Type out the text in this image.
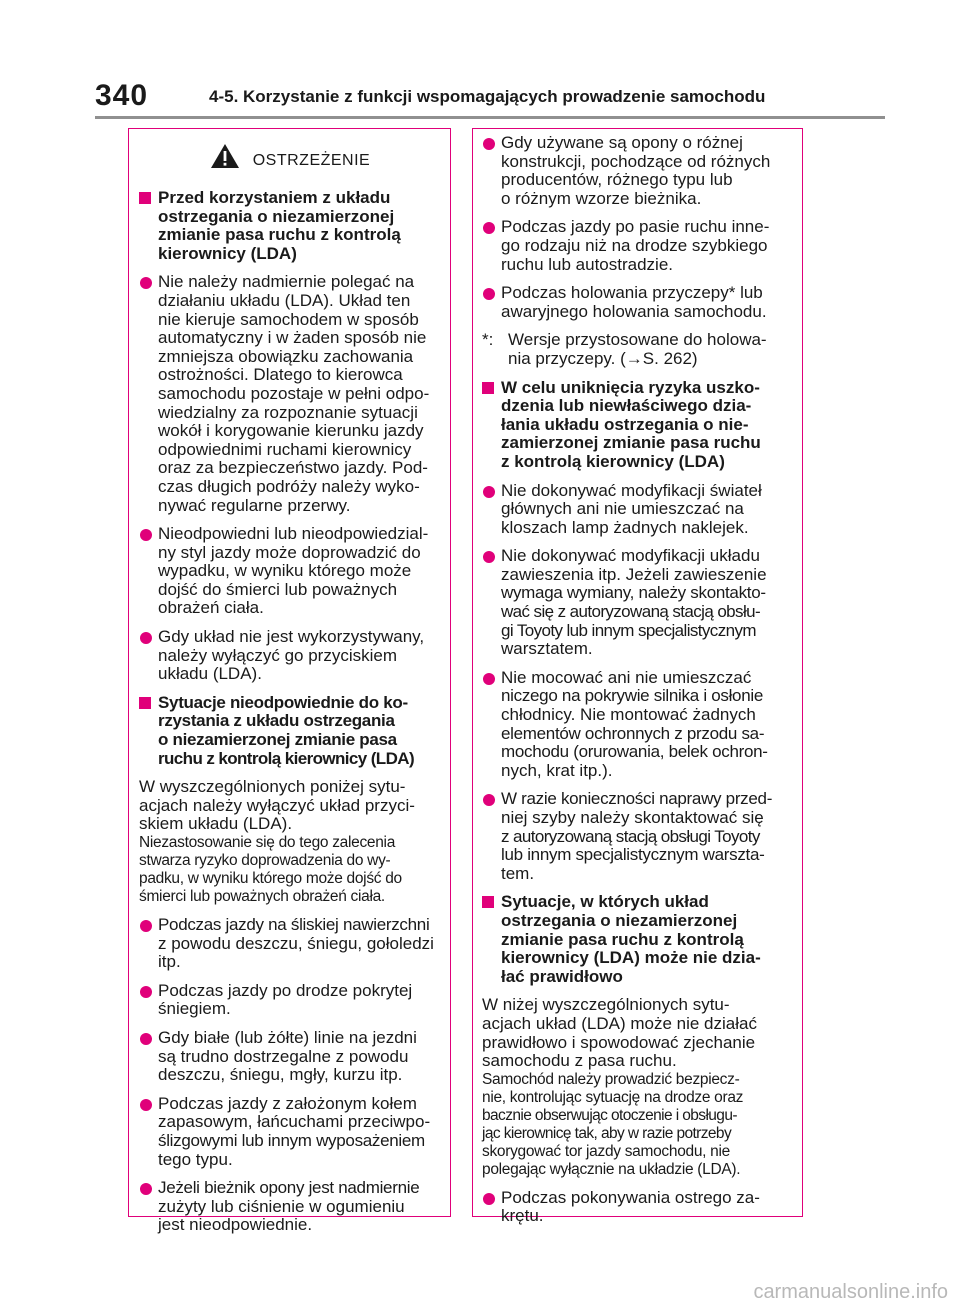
340	4-5. Korzystanie z funkcji wspomagających prowadzenie samochodu
OSTRZEŻENIE
Przed korzystaniem z układu
ostrzegania o niezamierzonej
zmianie pasa ruchu z kontrolą
kierownicy (LDA)
Nie należy nadmiernie polegać na
działaniu układu (LDA). Układ ten
nie kieruje samochodem w sposób
automatyczny i w żaden sposób nie
zmniejsza obowiązku zachowania
ostrożności. Dlatego to kierowca
samochodu pozostaje w pełni odpo-
wiedzialny za rozpoznanie sytuacji
wokół i korygowanie kierunku jazdy
odpowiednimi ruchami kierownicy
oraz za bezpieczeństwo jazdy. Pod-
czas długich podróży należy wyko-
nywać regularne przerwy.
Nieodpowiedni lub nieodpowiedzial-
ny styl jazdy może doprowadzić do
wypadku, w wyniku którego może
dojść do śmierci lub poważnych
obrażeń ciała.
Gdy układ nie jest wykorzystywany,
należy wyłączyć go przyciskiem
układu (LDA).
Sytuacje nieodpowiednie do ko-
rzystania z układu ostrzegania
o niezamierzonej zmianie pasa
ruchu z kontrolą kierownicy (LDA)
W wyszczególnionych poniżej sytu-
acjach należy wyłączyć układ przyci-
skiem układu (LDA).
Niezastosowanie się do tego zalecenia
stwarza ryzyko doprowadzenia do wy-
padku, w wyniku którego może dojść do
śmierci lub poważnych obrażeń ciała.
Podczas jazdy na śliskiej nawierzchni
z powodu deszczu, śniegu, gołoledzi
itp.
Podczas jazdy po drodze pokrytej
śniegiem.
Gdy białe (lub żółte) linie na jezdni
są trudno dostrzegalne z powodu
deszczu, śniegu, mgły, kurzu itp.
Podczas jazdy z założonym kołem
zapasowym, łańcuchami przeciwpo-
ślizgowymi lub innym wyposażeniem
tego typu.
Jeżeli bieżnik opony jest nadmiernie
zużyty lub ciśnienie w ogumieniu
jest nieodpowiednie.
Gdy używane są opony o różnej
konstrukcji, pochodzące od różnych
producentów, różnego typu lub
o różnym wzorze bieżnika.
Podczas jazdy po pasie ruchu inne-
go rodzaju niż na drodze szybkiego
ruchu lub autostradzie.
Podczas holowania przyczepy* lub
awaryjnego holowania samochodu.
*: Wersje przystosowane do holowa-
nia przyczepy. (→S. 262)
W celu uniknięcia ryzyka uszko-
dzenia lub niewłaściwego dzia-
łania układu ostrzegania o nie-
zamierzonej zmianie pasa ruchu
z kontrolą kierownicy (LDA)
Nie dokonywać modyfikacji świateł
głównych ani nie umieszczać na
kloszach lamp żadnych naklejek.
Nie dokonywać modyfikacji układu
zawieszenia itp. Jeżeli zawieszenie
wymaga wymiany, należy skontakto-
wać się z autoryzowaną stacją obsłu-
gi Toyoty lub innym specjalistycznym
warsztatem.
Nie mocować ani nie umieszczać
niczego na pokrywie silnika i osłonie
chłodnicy. Nie montować żadnych
elementów ochronnych z przodu sa-
mochodu (orurowania, belek ochron-
nych, krat itp.).
W razie konieczności naprawy przed-
niej szyby należy skontaktować się
z autoryzowaną stacją obsługi Toyoty
lub innym specjalistycznym warszta-
tem.
Sytuacje, w których układ
ostrzegania o niezamierzonej
zmianie pasa ruchu z kontrolą
kierownicy (LDA) może nie dzia-
łać prawidłowo
W niżej wyszczególnionych sytu-
acjach układ (LDA) może nie działać
prawidłowo i spowodować zjechanie
samochodu z pasa ruchu.
Samochód należy prowadzić bezpiecz-
nie, kontrolując sytuację na drodze oraz
bacznie obserwując otoczenie i obsługu-
jąc kierownicę tak, aby w razie potrzeby
skorygować tor jazdy samochodu, nie
polegając wyłącznie na układzie (LDA).
Podczas pokonywania ostrego za-
krętu.
carmanualsonline.info
